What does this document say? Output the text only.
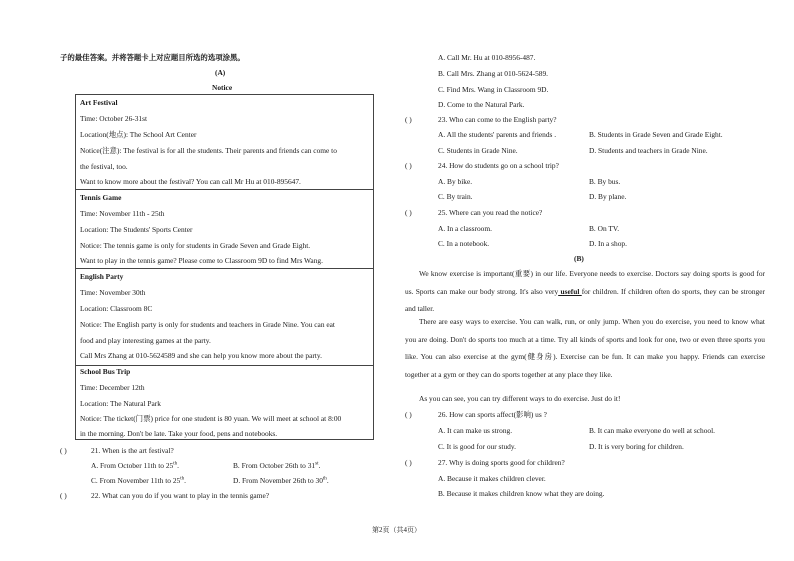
子的最佳答案。并将答题卡上对应题目所选的选项涂黑。
(A)
Notice
Art Festival
Time: October 26-31st
Location(地点): The School Art Center
Notice(注意): The festival is for all the students. Their parents and friends can come to
the festival, too.
Want to know more about the festival? You can call Mr Hu at 010-895647.
Tennis Game
Time: November 11th - 25th
Location: The Students' Sports Center
Notice: The tennis game is only for students in Grade Seven and Grade Eight.
Want to play in the tennis game? Please come to Classroom 9D to find Mrs Wang.
English Party
Time: November 30th
Location: Classroom 8C
Notice: The English party is only for students and teachers in Grade Nine. You can eat
food and play interesting games at the party.
Call Mrs Zhang at 010-5624589 and she can help you know more about the party.
School Bus Trip
Time: December 12th
Location: The Natural Park
Notice: The ticket(门票) price for one student is 80 yuan. We will meet at school at 8:00
in the morning. Don't be late. Take your food, pens and notebooks.
( )	21. When is the art festival?
A. From October 11th to 25th.	B. From October 26th to 31st.
C. From November 11th to 25th.	D. From November 26th to 30th.
( )	22. What can you do if you want to play in the tennis game?
A. Call Mr. Hu at 010-8956-487.
B. Call Mrs. Zhang at 010-5624-589.
C. Find Mrs. Wang in Classroom 9D.
D. Come to the Natural Park.
( )	23. Who can come to the English party?
A. All the students' parents and friends .	B. Students in Grade Seven and Grade Eight.
C. Students in Grade Nine.	D. Students and teachers in Grade Nine.
( )	24. How do students go on a school trip?
A. By bike.	B. By bus.
C. By train.	D. By plane.
( )	25. Where can you read the notice?
A. In a classroom.	B. On TV.
C. In a notebook.	D. In a shop.
(B)
We know exercise is important(重要) in our life. Everyone needs to exercise. Doctors say doing sports is good for us. Sports can make our body strong. It's also very useful for children. If children often do sports, they can be stronger and taller.
There are easy ways to exercise. You can walk, run, or only jump. When you do exercise, you need to know what you are doing. Don't do sports too much at a time. Try all kinds of sports and look for one, two or even three sports you like. You can also exercise at the gym(健身房). Exercise can be fun. It can make you happy. Friends can exercise together at a gym or they can do sports together at any place they like.
As you can see, you can try different ways to do exercise. Just do it!
( )	26. How can sports affect(影响) us ?
A. It can make us strong.	B. It can make everyone do well at school.
C. It is good for our study.	D. It is very boring for children.
( )	27. Why is doing sports good for children?
A. Because it makes children clever.
B. Because it makes children know what they are doing.
第2页（共4页）
